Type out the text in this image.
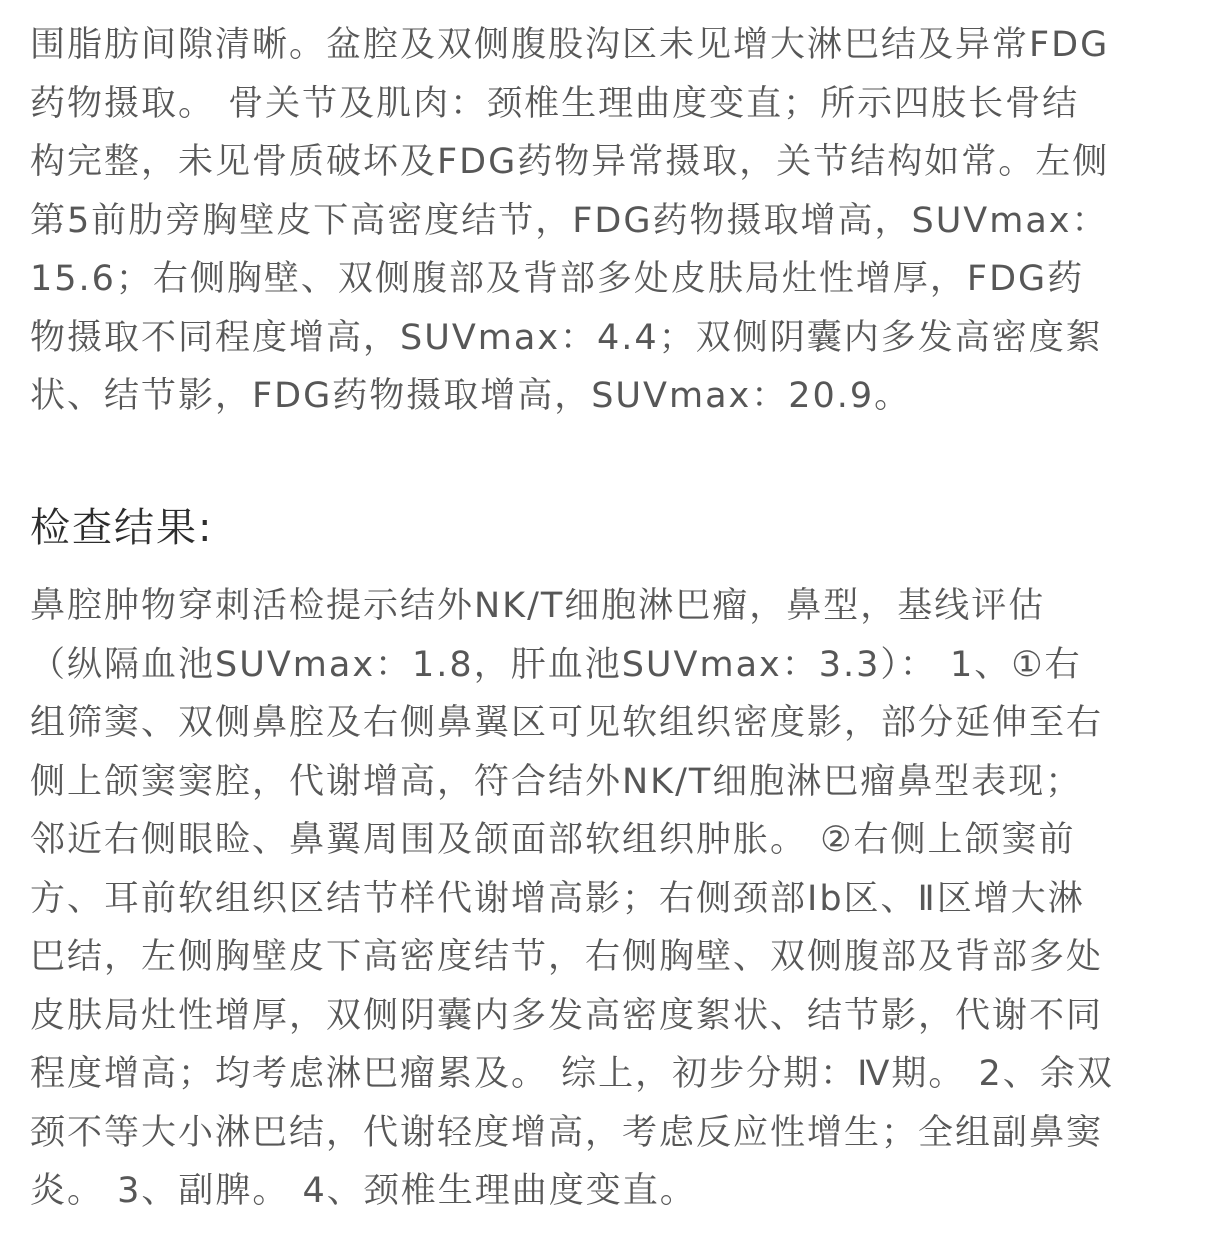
围脂肪间隙清晰。盆腔及双侧腹股沟区未见增大淋巴结及异常FDG
药物摄取。 骨关节及肌肉：颈椎生理曲度变直；所示四肢长骨结
构完整，未见骨质破坏及FDG药物异常摄取，关节结构如常。左侧
第5前肋旁胸壁皮下高密度结节，FDG药物摄取增高，SUVmax：
15.6；右侧胸壁、双侧腹部及背部多处皮肤局灶性增厚，FDG药
物摄取不同程度增高，SUVmax：4.4；双侧阴囊内多发高密度絮
状、结节影，FDG药物摄取增高，SUVmax：20.9。

检查结果:

鼻腔肿物穿刺活检提示结外NK/T细胞淋巴瘤，鼻型，基线评估
（纵隔血池SUVmax：1.8，肝血池SUVmax：3.3）： 1、①右
组筛窦、双侧鼻腔及右侧鼻翼区可见软组织密度影，部分延伸至右
侧上颌窦窦腔，代谢增高，符合结外NK/T细胞淋巴瘤鼻型表现；
邻近右侧眼睑、鼻翼周围及颌面部软组织肿胀。 ②右侧上颌窦前
方、耳前软组织区结节样代谢增高影；右侧颈部Ⅰb区、Ⅱ区增大淋
巴结，左侧胸壁皮下高密度结节，右侧胸壁、双侧腹部及背部多处
皮肤局灶性增厚，双侧阴囊内多发高密度絮状、结节影，代谢不同
程度增高；均考虑淋巴瘤累及。 综上，初步分期：Ⅳ期。 2、余双
颈不等大小淋巴结，代谢轻度增高，考虑反应性增生；全组副鼻窦
炎。 3、副脾。 4、颈椎生理曲度变直。
